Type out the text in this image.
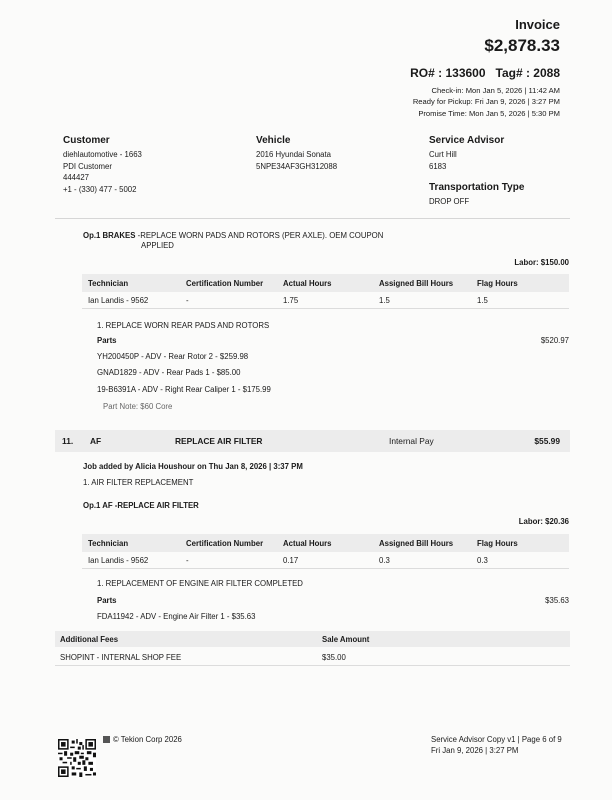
Invoice
$2,878.33
RO# : 133600   Tag# : 2088
Check-in: Mon Jan 5, 2026 | 11:42 AM
Ready for Pickup: Fri Jan 9, 2026 | 3:27 PM
Promise Time: Mon Jan 5, 2026 | 5:30 PM
Customer
diehlautomotive - 1663
PDI Customer
444427
+1 - (330) 477 - 5002
Vehicle
2016 Hyundai Sonata
5NPE34AF3GH312088
Service Advisor
Curt Hill
6183
Transportation Type
DROP OFF
Op.1 BRAKES -REPLACE WORN PADS AND ROTORS (PER AXLE). OEM COUPON
APPLIED
Labor: $150.00
Technician	Certification Number	Actual Hours	Assigned Bill Hours	Flag Hours
Ian Landis - 9562	-	1.75	1.5	1.5
1. REPLACE WORN REAR PADS AND ROTORS
Parts	$520.97
YH200450P - ADV - Rear Rotor 2 - $259.98
GNAD1829 - ADV - Rear Pads 1 - $85.00
19-B6391A - ADV - Right Rear Caliper 1 - $175.99
Part Note: $60 Core
11.	AF	REPLACE AIR FILTER	Internal Pay	$55.99
Job added by Alicia Houshour on Thu Jan 8, 2026 | 3:37 PM
1. AIR FILTER REPLACEMENT
Op.1 AF -REPLACE AIR FILTER
Labor: $20.36
Technician	Certification Number	Actual Hours	Assigned Bill Hours	Flag Hours
Ian Landis - 9562	-	0.17	0.3	0.3
1. REPLACEMENT OF ENGINE AIR FILTER COMPLETED
Parts	$35.63
FDA11942 - ADV - Engine Air Filter 1 - $35.63
Additional Fees	Sale Amount
SHOPINT - INTERNAL SHOP FEE	$35.00
© Tekion Corp 2026	Service Advisor Copy v1 | Page 6 of 9
Fri Jan 9, 2026 | 3:27 PM
